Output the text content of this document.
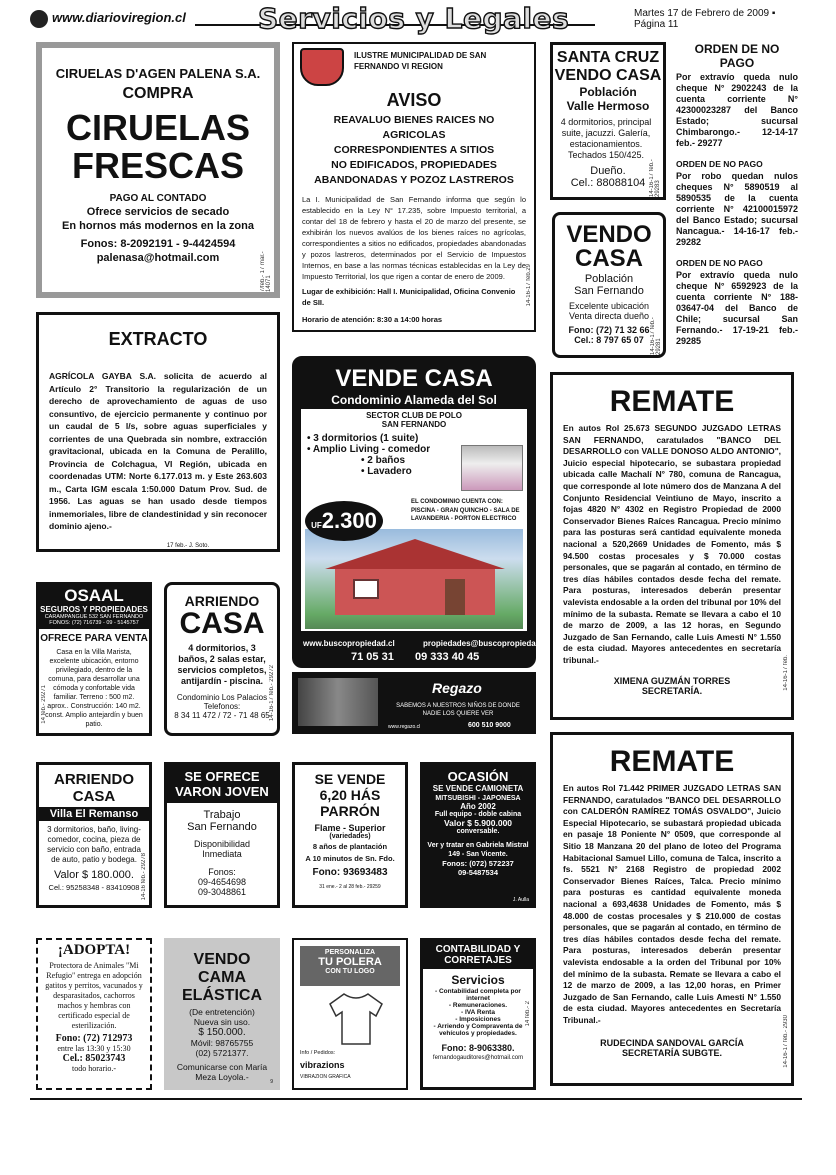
www.diarioviregion.cl	Servicios y Legales	Martes 17 de Febrero de 2009 ▪ Página 11
CIRUELAS D'AGEN PALENA S.A.
COMPRA
CIRUELAS
FRESCAS
PAGO AL CONTADO
Ofrece servicios de secado
En hornos más modernos en la zona
Fonos: 8-2092191 - 9-4424594
palenasa@hotmail.com	7/feb.- 17 mar.- 14071
ILUSTRE MUNICIPALIDAD DE SAN FERNANDO VI REGION
AVISO
REAVALUO BIENES RAICES NO AGRICOLAS
CORRESPONDIENTES A SITIOS
NO EDIFICADOS, PROPIEDADES
ABANDONADAS Y POZOZ LASTREROS

La I. Municipalidad de San Fernando informa que según lo establecido en la Ley N° 17.235, sobre Impuesto territorial, a contar del 18 de febrero y hasta el 20 de marzo del presente, se exhibirán los nuevos avalúos de los bienes raíces no agrícolas, correspondientes a sitios no edificados, propiedades abandonadas y pozos lastreros, determinados por el Servicio de Impuestos Internos, en base a las normas técnicas establecidas en la Ley de Impuesto Territorial, los que rigen a contar de enero de 2009.

Lugar de exhibición: Hall I. Municipalidad, Oficina Convenio de SII.

Horario de atención: 8:30 a 14:00 horas

14-16-17 feb.29
SANTA CRUZ
VENDO CASA
Población
Valle Hermoso

4 dormitorios, principal suite, jacuzzi. Galería, estacionamientos. Techados 150/425.

Dueño.
Cel.: 88088104 14-16-17 feb.- 29283
ORDEN DE NO PAGO

Por extravío queda nulo cheque N° 2902243 de la cuenta corriente N° 42300023287 del Banco Estado; sucursal Chimbarongo.- 12-14-17 feb.- 29277

ORDEN DE NO PAGO

Por robo quedan nulos cheques N° 5890519 al 5890535 de la cuenta corriente N° 42100015972 del Banco Estado; sucursal Nancagua.- 14-16-17 feb.- 29282

ORDEN DE NO PAGO

Por extravío queda nulo cheque N° 6592923 de la cuenta corriente N° 188-03647-04 del Banco de Chile; sucursal San Fernando.- 17-19-21 feb.- 29285

VENDO
CASA
Población
San Fernando
Excelente ubicación
Venta directa dueño
Fono: (72) 71 32 66
Cel.: 8 797 65 07	14-16-17 feb.- 29281
EXTRACTO

AGRÍCOLA GAYBA S.A. solicita de acuerdo al Artículo 2° Transitorio la regularización de un derecho de aprovechamiento de aguas de uso consuntivo, de ejercicio permanente y continuo por un caudal de 5 l/s, sobre aguas superficiales y corrientes de una Quebrada sin nombre, extracción gravitacional, ubicada en la Comuna de Peralillo, Provincia de Colchagua, VI Región, ubicada en coordenadas UTM: Norte 6.177.013 m. y Este 263.603 m., Carta IGM escala 1:50.000 Datum Prov. Sud. de 1956. Las aguas se han usado desde tiempos inmemoriales, libre de clandestinidad y sin reconocer dominio ajeno.-

17 feb.- J. Soto.
VENDE CASA
Condominio Alameda del Sol
SECTOR CLUB DE POLO
SAN FERNANDO
• 3 dormitorios (1 suite)
• Amplio Living - comedor
• 2 baños
• Lavadero
EL CONDOMINIO CUENTA CON:
PISCINA - GRAN QUINCHO - SALA DE LAVANDERIA - PORTON ELECTRICO
UF2.300
www.buscopropiedad.cl	propiedades@buscopropiedad.cl
71 05 31 09 333 40 45
Regazo
SABEMOS A NUESTROS NIÑOS DE DONDE NADIE LOS QUIERE VER
www.regazo.cl	600 510 9000
REMATE

En autos Rol 25.673 SEGUNDO JUZGADO LETRAS SAN FERNANDO, caratulados "BANCO DEL DESARROLLO con VALLE DONOSO ALDO ANTONIO", Juicio especial hipotecario, se subastara propiedad ubicada calle Machalí N° 780, comuna de Rancagua, que corresponde al lote número dos de Manzana A del Conjunto Residencial Veintiuno de Mayo, inscrito a fojas 4820 N° 4302 en Registro Propiedad de 2000 Conservador Bienes Raíces Rancagua. Precio mínimo para las posturas será cantidad equivalente moneda nacional a 520,2669 Unidades de Fomento, más $ 94.500 costas procesales y $ 70.000 costas personales, que se pagarán al contado, en término de tres días hábiles contados desde fecha del remate. Para posturas, interesados deberán presentar valevista endosable a la orden del tribunal por 10% del mínimo de la subasta. Remate se llevara a cabo el 10 de marzo de 2009, a las 12 horas, en Segundo Juzgado de San Fernando, calle Luis Amesti N° 1.550 de esta ciudad. Mayores antecedentes en secretaría tribunal.-

XIMENA GUZMÁN TORRES
SECRETARÍA.
14-16-17 feb.
OSAAL
SEGUROS Y PROPIEDADES
CARAMPANGUE 532 SAN FERNANDO
FONOS: (72) 716739 - 09 - 5145757
OFRECE PARA VENTA

Casa en la Villa Marista, excelente ubicación, entorno privilegiado, dentro de la comuna, para desarrollar una cómoda y confortable vida familiar. Terreno : 500 m2. aprox.. Construcción: 140 m2. const. Amplio antejardín y buen patio.

14 feb.- 29271
ARRIENDO
CASA

4 dormitorios, 3 baños, 2 salas estar, servicios completos, antijardín - piscina.

Condominio Los Palacios
Telefonos:
8 34 11 472 / 72 - 71 48 65 14-16-17 feb.- 29272
ARRIENDO
CASA
Villa El Remanso

3 dormitorios, baño, living-comedor, cocina, pieza de servicio con baño, entrada de auto, patio y bodega.

Valor $ 180.000.
Cel.: 95258348 - 83410908 14-16 feb.- 29278
SE OFRECE
VARON JOVEN
Trabajo
San Fernando
Disponibilidad
Inmediata
Fonos:
09-4654698
09-3048861
SE VENDE
6,20 HÁS
PARRÓN
Flame - Superior
(variedades)
8 años de plantación
A 10 minutos de Sn. Fdo.
Fono: 93693483
31 ene.- 2 al 28 feb.- 29259
OCASIÓN
SE VENDE CAMIONETA
MITSUBISHI - JAPONESA
Año 2002
Full equipo - doble cabina
Valor $ 5.900.000
conversable.
Ver y tratar en Gabriela Mistral 149 - San Vicente.
Fonos: (072) 572237
09-5487534
J. Aulla
REMATE

En autos Rol 71.442 PRIMER JUZGADO LETRAS SAN FERNANDO, caratulados "BANCO DEL DESARROLLO con CALDERÓN RAMÍREZ TOMÁS OSVALDO", Juicio Especial Hipotecario, se subastará propiedad ubicada en pasaje 18 Poniente N° 0509, que corresponde al Sitio 18 Manzana 20 del plano de loteo del Programa Habitacional Samuel Lillo, comuna de Talca, inscrito a fs. 5521 N° 2168 Registro de propiedad 2002 Conservador Bienes Raíces, Talca. Precio mínimo para posturas es cantidad equivalente moneda nacional a 693,4638 Unidades de Fomento, más $ 48.000 de costas procesales y $ 210.000 de costas personales, que se pagarán al contado, en término de tres días hábiles contados desde fecha del remate. Para posturas, interesados deberán presentar valevista endosable a la orden del Tribunal por 10% del mínimo de la subasta. Remate se llevara a cabo el 12 de marzo de 2009, a las 12,00 horas, en Primer Juzgado de San Fernando, calle Luis Amesti N° 1.550 de esta ciudad. Mayores antecedentes en Secretaría Tribunal.-

RUDECINDA SANDOVAL GARCÍA
SECRETARÍA SUBGTE.	14-16-17 feb.- 2930
¡ADOPTA!

Protectora de Animales "Mi Refugio" entrega en adopción gatitos y perritos, vacunados y desparasitados, cachorros machos y hembras con certificado especial de esterilización.

Fono: (72) 712973
entre las 13:30 y 15:30
Cel.: 85023743
todo horario.-
VENDO
CAMA
ELÁSTICA
(De entretención)
Nueva sin uso.
$ 150.000.
Móvil: 98765755
(02) 5721377.

Comunicarse con María Meza Loyola.-	9
PERSONALIZA
TU POLERA
CON TU LOGO
Info / Pedidos:
vibrazions
VIBRAZION GRAFICA
CONTABILIDAD Y
CORRETAJES
Servicios
- Contabilidad completa por internet
- Remuneraciones.
- IVA Renta
- Imposiciones
- Arriendo y Compraventa de vehículos y propiedades.
Fono: 8-9063380.
fernandogauditores@hotmail.com
14 feb.- 2
